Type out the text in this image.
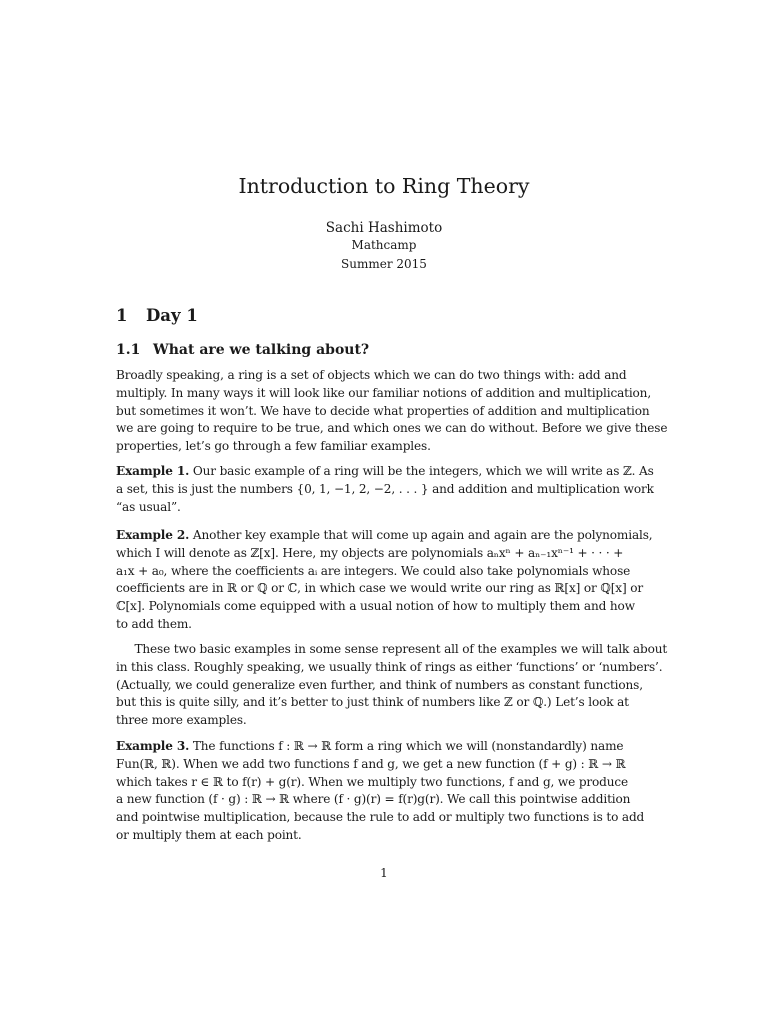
Introduction to Ring Theory
Sachi Hashimoto
Mathcamp
Summer 2015
1 Day 1
1.1 What are we talking about?
Broadly speaking, a ring is a set of objects which we can do two things with: add and
multiply. In many ways it will look like our familiar notions of addition and multiplication,
but sometimes it won’t. We have to decide what properties of addition and multiplication
we are going to require to be true, and which ones we can do without. Before we give these
properties, let’s go through a few familiar examples.
Example 1. Our basic example of a ring will be the integers, which we will write as ℤ. As
a set, this is just the numbers {0, 1, −1, 2, −2, . . . } and addition and multiplication work
“as usual”.
Example 2. Another key example that will come up again and again are the polynomials,
which I will denote as ℤ[x]. Here, my objects are polynomials aₙxⁿ + aₙ₋₁xⁿ⁻¹ + · · · +
a₁x + a₀, where the coefficients aᵢ are integers. We could also take polynomials whose
coefficients are in ℝ or ℚ or ℂ, in which case we would write our ring as ℝ[x] or ℚ[x] or
ℂ[x]. Polynomials come equipped with a usual notion of how to multiply them and how
to add them.
These two basic examples in some sense represent all of the examples we will talk about
in this class. Roughly speaking, we usually think of rings as either ‘functions’ or ‘numbers’.
(Actually, we could generalize even further, and think of numbers as constant functions,
but this is quite silly, and it’s better to just think of numbers like ℤ or ℚ.) Let’s look at
three more examples.
Example 3. The functions f : ℝ → ℝ form a ring which we will (nonstandardly) name
Fun(ℝ, ℝ). When we add two functions f and g, we get a new function (f + g) : ℝ → ℝ
which takes r ∈ ℝ to f(r) + g(r). When we multiply two functions, f and g, we produce
a new function (f · g) : ℝ → ℝ where (f · g)(r) = f(r)g(r). We call this pointwise addition
and pointwise multiplication, because the rule to add or multiply two functions is to add
or multiply them at each point.
1
